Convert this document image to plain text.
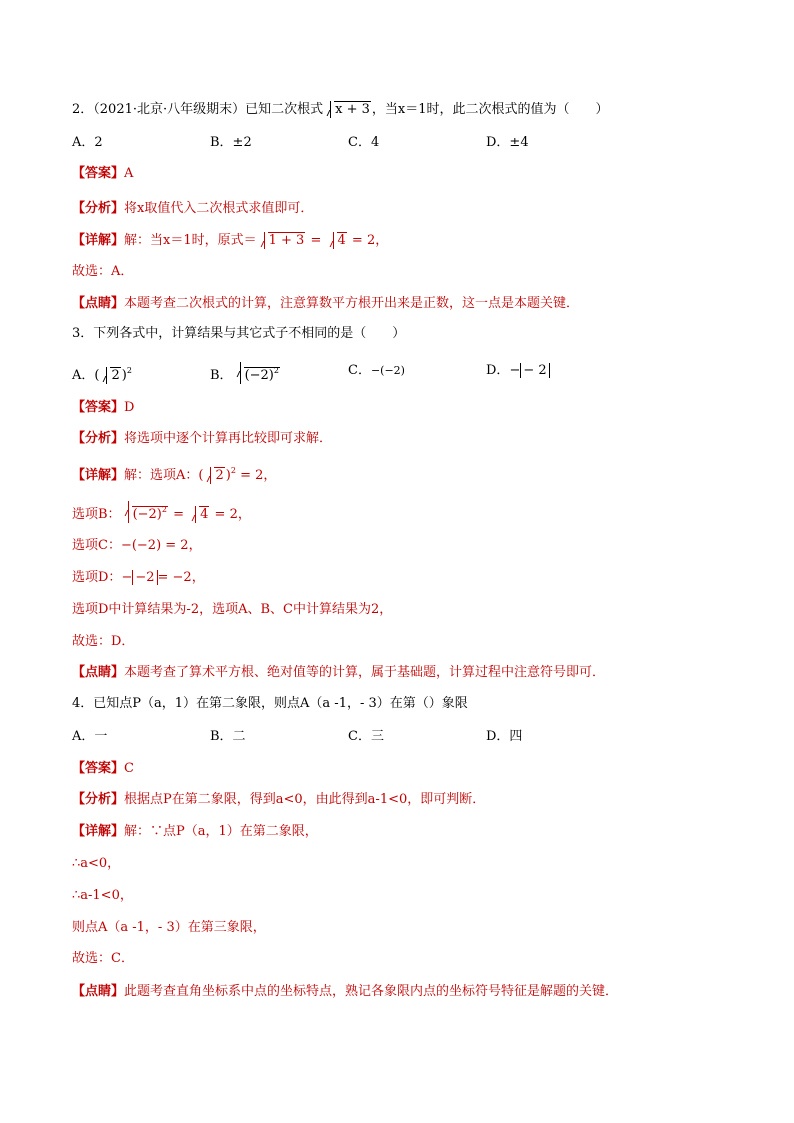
2．（2021·北京·八年级期末）已知二次根式 x + 3 ，当x＝1时，此二次根式的值为（　　）
A．2	B．±2	C．4	D．±4
【答案】A
【分析】将x取值代入二次根式求值即可．
【详解】解：当x＝1时，原式＝ 1 + 3 = 4 = 2，
故选：A．
【点睛】本题考查二次根式的计算，注意算数平方根开出来是正数，这一点是本题关键．
3．下列各式中，计算结果与其它式子不相同的是（　　）
A．( 2 )$^2$	B． $(-2)^2$	C．−(−2)	D．− − 2
【答案】D
【分析】将选项中逐个计算再比较即可求解．
【详解】解：选项A：( 2 )$^2$ = 2，
选项B： $(-2)^2 = 4 = 2$，
选项C：−(−2) = 2，
选项D：− −2 = −2，
选项D中计算结果为-2，选项A、B、C中计算结果为2，
故选：D．
【点睛】本题考查了算术平方根、绝对值等的计算，属于基础题，计算过程中注意符号即可．
4．已知点P（a，1）在第二象限，则点A（a -1，- 3）在第（）象限
A．一	B．二	C．三	D．四
【答案】C
【分析】根据点P在第二象限，得到a<0，由此得到a-1<0，即可判断．
【详解】解：∵点P（a，1）在第二象限，
∴a<0，
∴a-1<0，
则点A（a -1，- 3）在第三象限，
故选：C．
【点睛】此题考查直角坐标系中点的坐标特点，熟记各象限内点的坐标符号特征是解题的关键．
